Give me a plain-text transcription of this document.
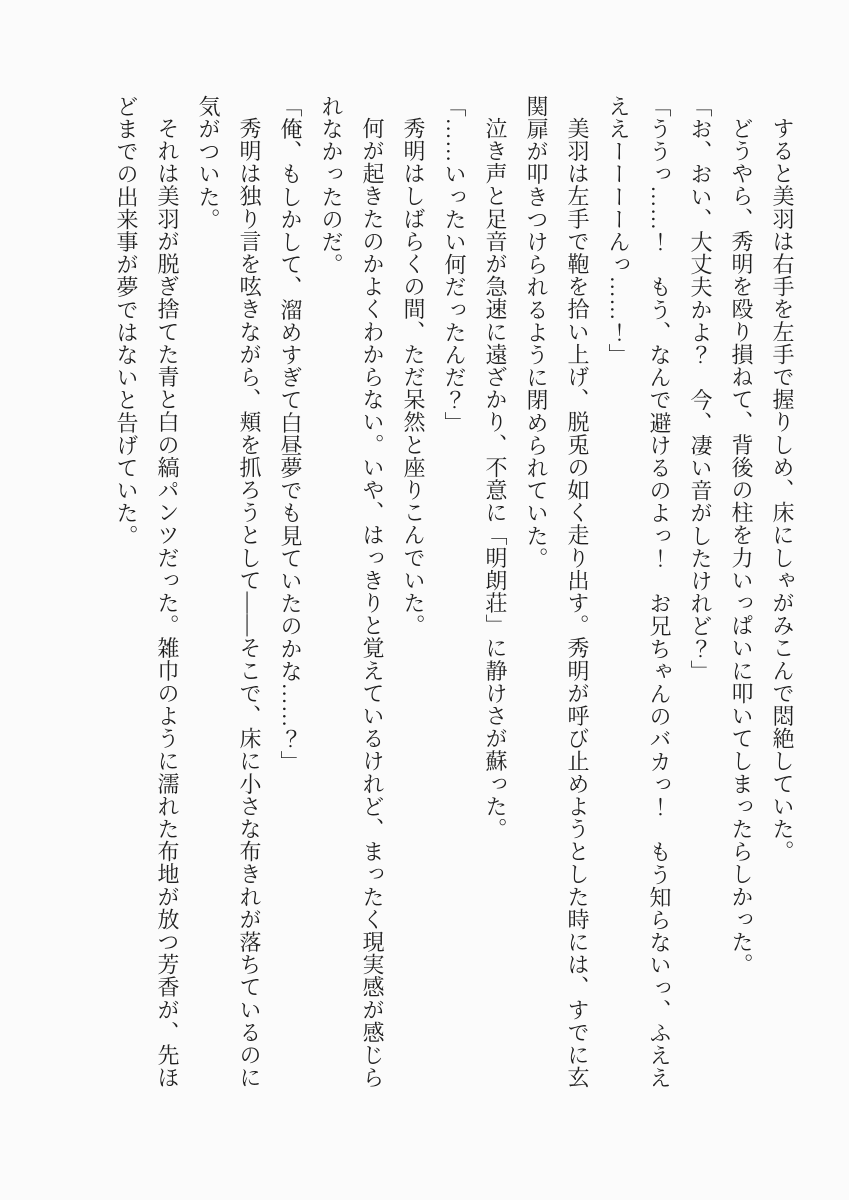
すると美羽は右手を左手で握りしめ、床にしゃがみこんで悶絶していた。

どうやら、秀明を殴り損ねて、背後の柱を力いっぱいに叩いてしまったらしかった。

「お、おい、大丈夫かよ？　今、凄い音がしたけれど？」

「ううっ……！　もう、なんで避けるのよっ！　お兄ちゃんのバカっ！　もう知らないっ、ふええええーーーーんっ……！」

美羽は左手で鞄を拾い上げ、脱兎の如く走り出す。秀明が呼び止めようとした時には、すでに玄関扉が叩きつけられるように閉められていた。

泣き声と足音が急速に遠ざかり、不意に「明朗荘」に静けさが蘇った。

「……いったい何だったんだ？」

秀明はしばらくの間、ただ呆然と座りこんでいた。

何が起きたのかよくわからない。いや、はっきりと覚えているけれど、まったく現実感が感じられなかったのだ。

「俺、もしかして、溜めすぎて白昼夢でも見ていたのかな……？」

秀明は独り言を呟きながら、頬を抓ろうとして――そこで、床に小さな布きれが落ちているのに気がついた。

それは美羽が脱ぎ捨てた青と白の縞パンツだった。雑巾のように濡れた布地が放つ芳香が、先ほどまでの出来事が夢ではないと告げていた。
